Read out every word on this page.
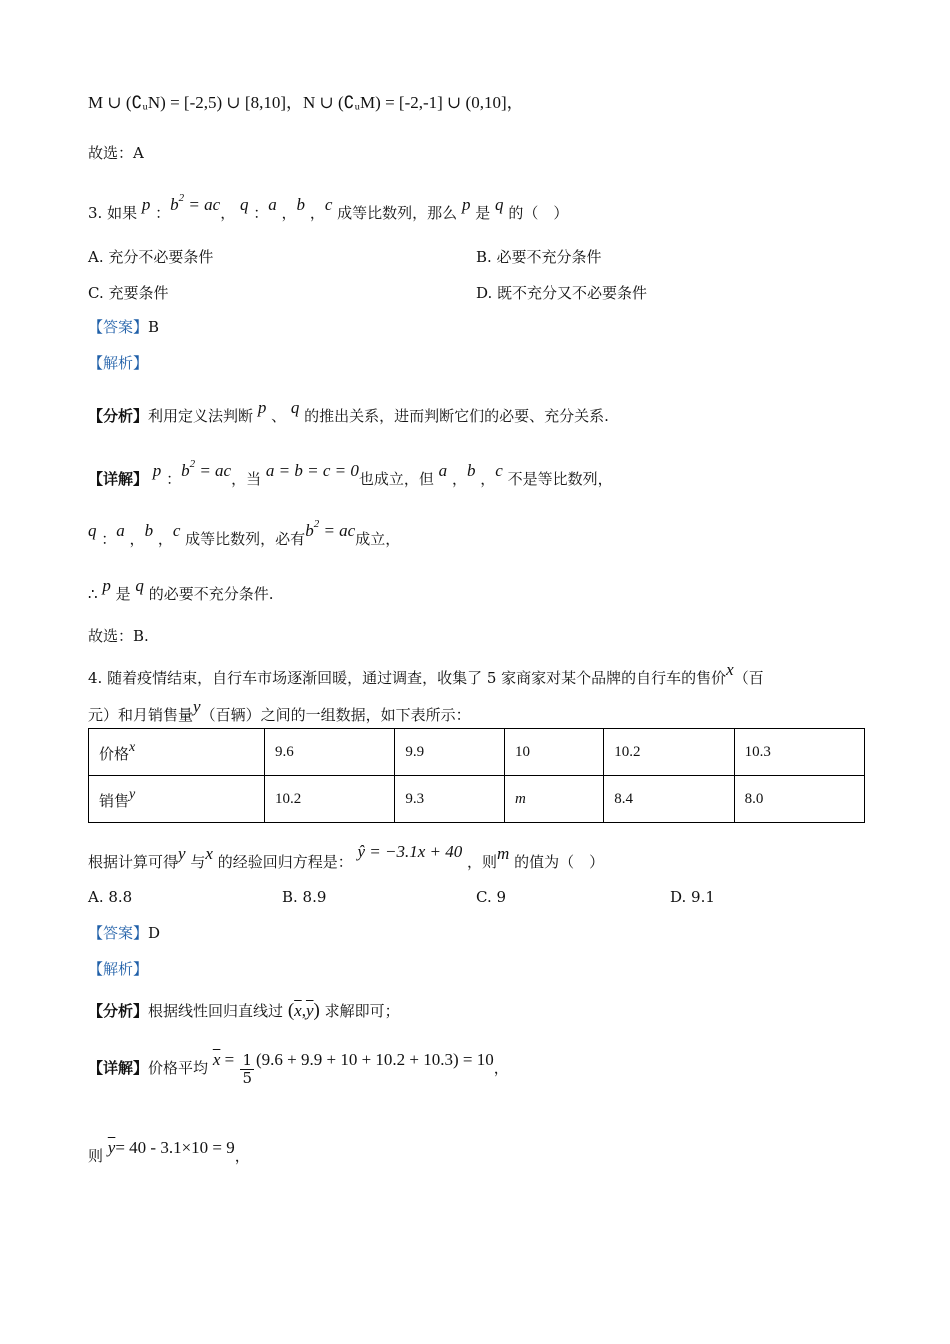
M ∪ (∁ᵤN) = [-2,5) ∪ [8,10]，N ∪ (∁ᵤM) = [-2,-1] ∪ (0,10]，
故选：A
3. 如果 p ：$b^2$ = ac， q ：a ，b ，c 成等比数列，那么 p 是 q 的（　）
A. 充分不必要条件	B. 必要不充分条件
C. 充要条件	D. 既不充分又不必要条件
【答案】B
【解析】
【分析】利用定义法判断 p 、 q 的推出关系，进而判断它们的必要、充分关系.
【详解】 p ：$b^2$ = ac，当 a = b = c = 0也成立，但 a ，b ，c 不是等比数列，
q ：a ，b ，c 成等比数列，必有$b^2$ = ac成立，
∴ p 是 q 的必要不充分条件.
故选：B.
4. 随着疫情结束，自行车市场逐渐回暖，通过调查，收集了 5 家商家对某个品牌的自行车的售价x（百
元）和月销售量y（百辆）之间的一组数据，如下表所示：
价格x	9.6	9.9	10	10.2	10.3
销售y	10.2	9.3	m	8.4	8.0
根据计算可得y 与x 的经验回归方程是： ŷ = −3.1x + 40 ，则m 的值为（　）
A. 8.8	B. 8.9	C. 9	D. 9.1
【答案】D
【解析】
【分析】根据线性回归直线过 $(\overline{x},\overline{y})$ 求解即可；
【详解】价格平均 $\overline{x} = \frac{1}{5} (9.6 + 9.9 + 10 + 10.2 + 10.3) = 10$，
则 $\overline{y}= 40 - 3.1\times 10 = 9$，
